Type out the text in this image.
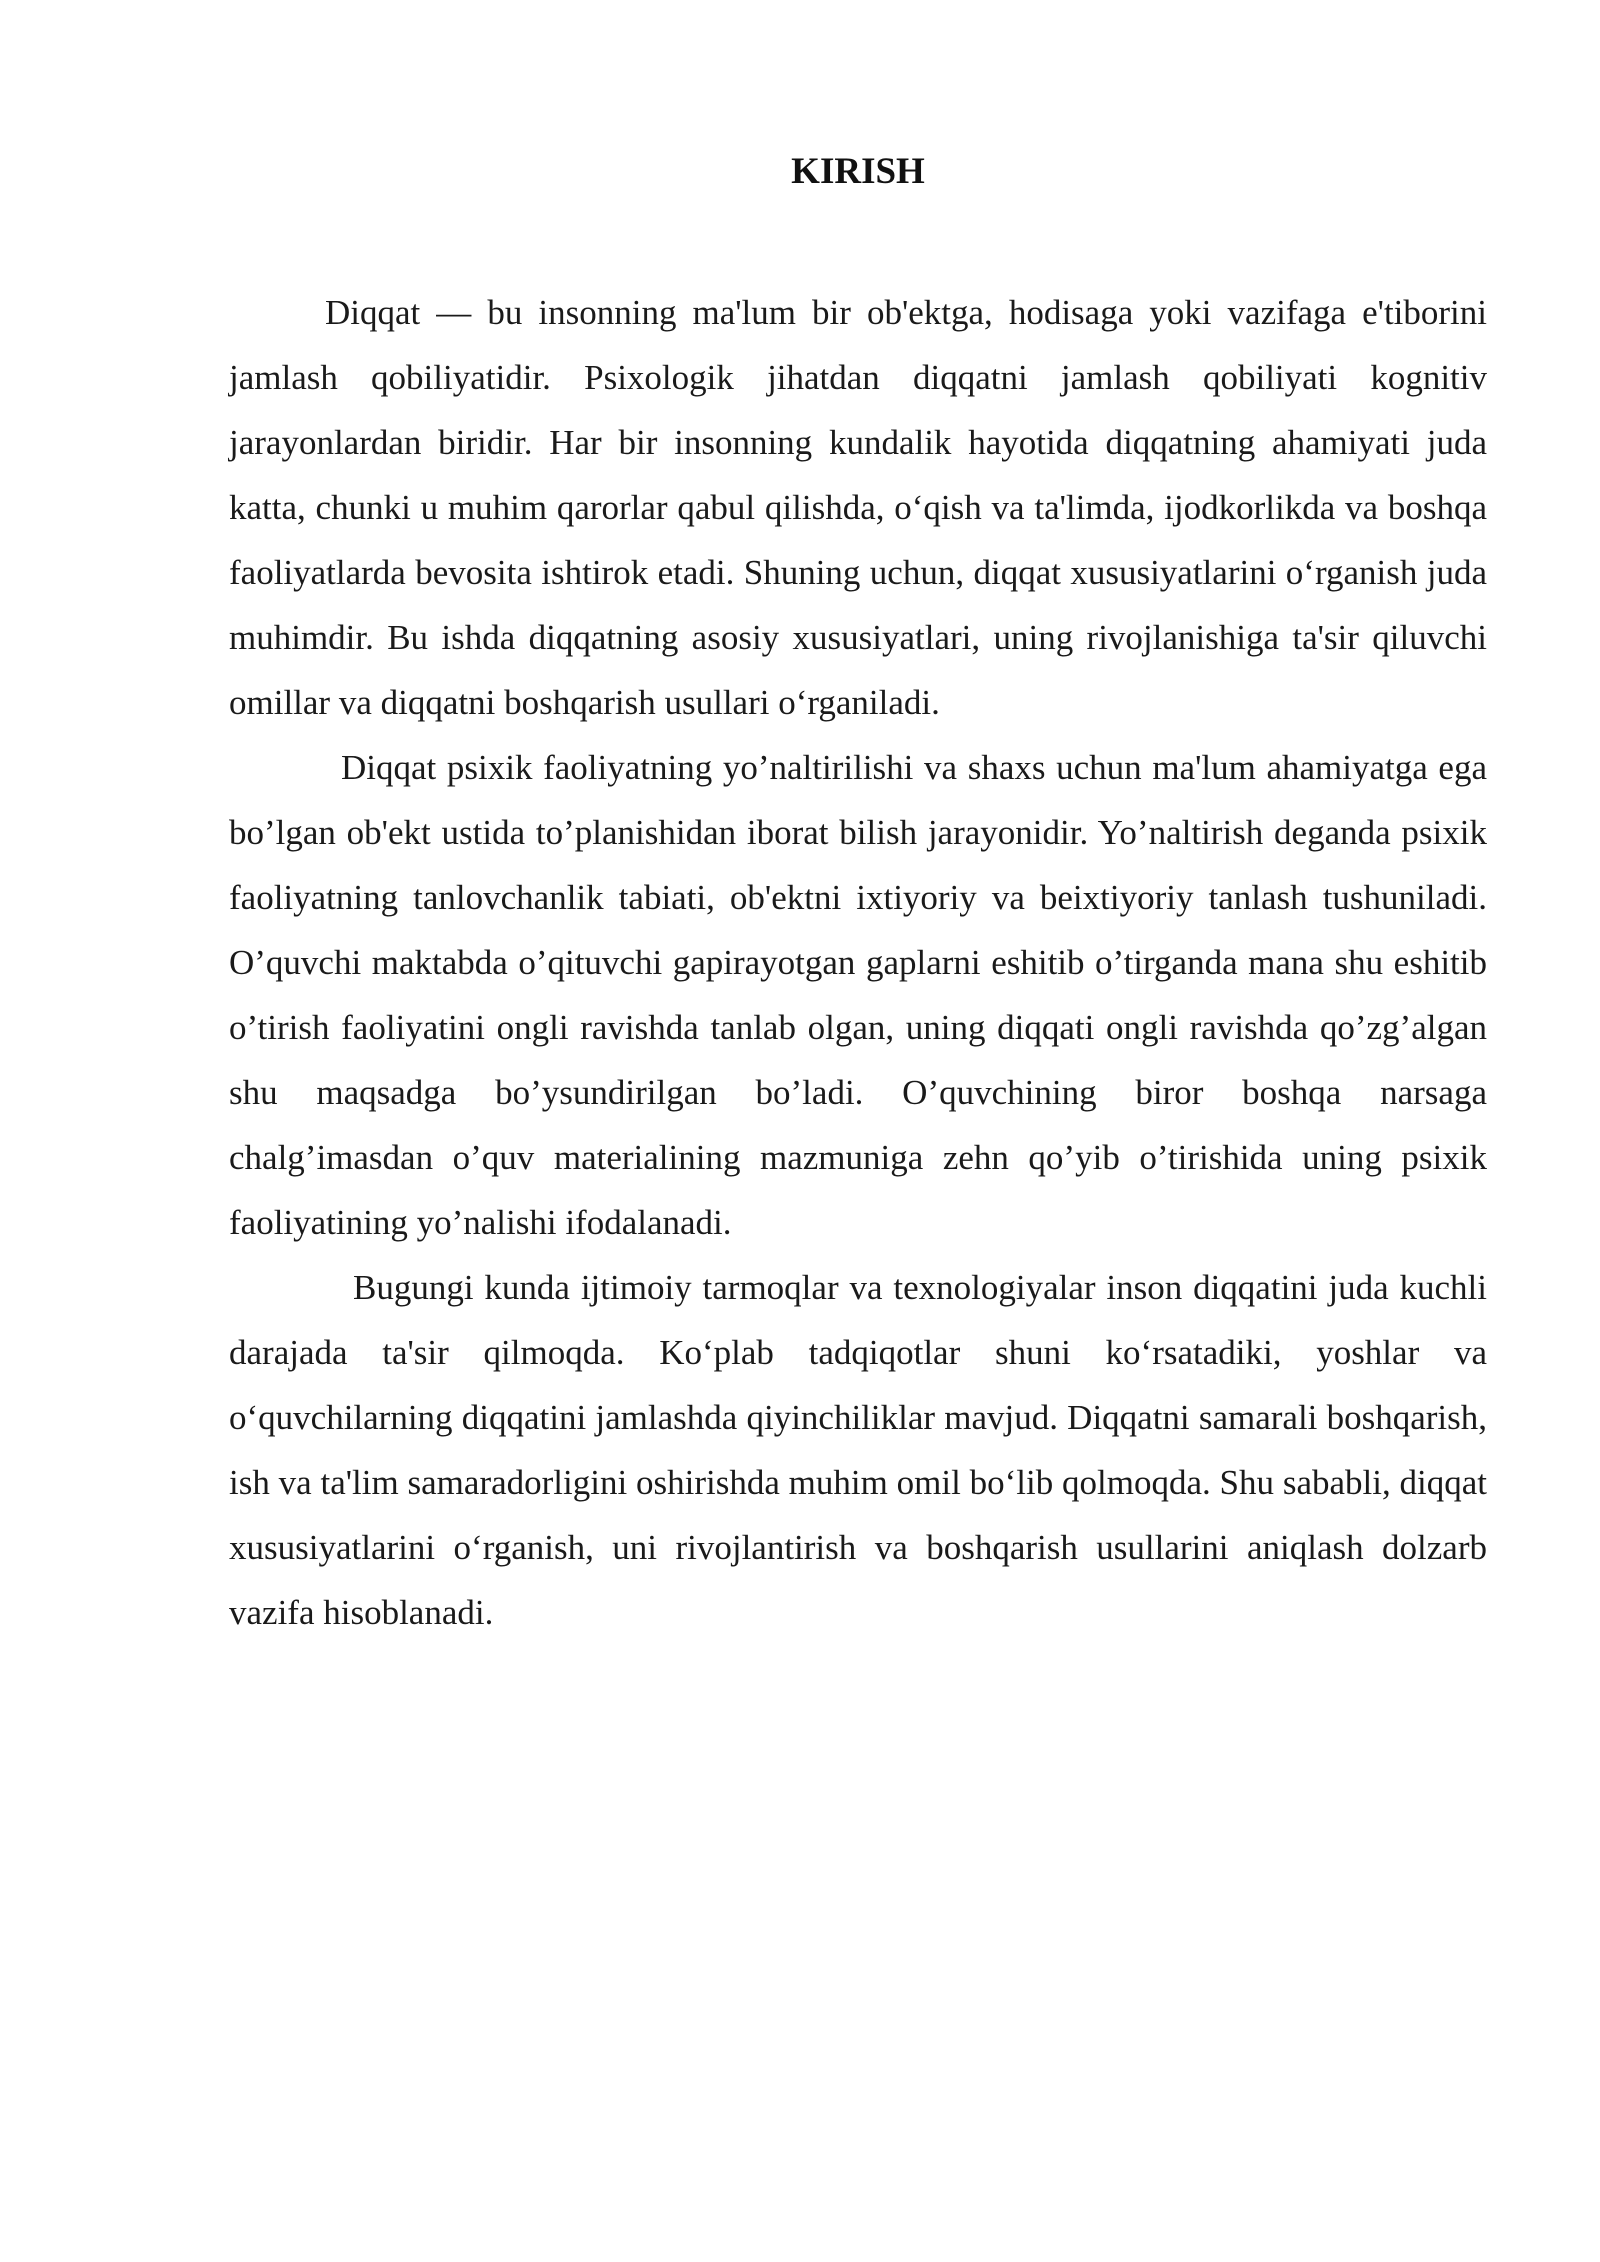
KIRISH

Diqqat — bu insonning ma'lum bir ob'ektga, hodisaga yoki vazifaga e'tiborini jamlash qobiliyatidir. Psixologik jihatdan diqqatni jamlash qobiliyati kognitiv jarayonlardan biridir. Har bir insonning kundalik hayotida diqqatning ahamiyati juda katta, chunki u muhim qarorlar qabul qilishda, o‘qish va ta'limda, ijodkorlikda va boshqa faoliyatlarda bevosita ishtirok etadi. Shuning uchun, diqqat xususiyatlarini o‘rganish juda muhimdir. Bu ishda diqqatning asosiy xususiyatlari, uning rivojlanishiga ta'sir qiluvchi omillar va diqqatni boshqarish usullari o‘rganiladi.

Diqqat psixik faoliyatning yo’naltirilishi va shaxs uchun ma'lum ahamiyatga ega bo’lgan ob'ekt ustida to’planishidan iborat bilish jarayonidir. Yo’naltirish deganda psixik faoliyatning tanlovchanlik tabiati, ob'ektni ixtiyoriy va beixtiyoriy tanlash tushuniladi. O’quvchi maktabda o’qituvchi gapirayotgan gaplarni eshitib o’tirganda mana shu eshitib o’tirish faoliyatini ongli ravishda tanlab olgan, uning diqqati ongli ravishda qo’zg’algan shu maqsadga bo’ysundirilgan bo’ladi. O’quvchining biror boshqa narsaga chalg’imasdan o’quv materialining mazmuniga zehn qo’yib o’tirishida uning psixik faoliyatining yo’nalishi ifodalanadi.

Bugungi kunda ijtimoiy tarmoqlar va texnologiyalar inson diqqatini juda kuchli darajada ta'sir qilmoqda. Ko‘plab tadqiqotlar shuni ko‘rsatadiki, yoshlar va o‘quvchilarning diqqatini jamlashda qiyinchiliklar mavjud. Diqqatni samarali boshqarish, ish va ta'lim samaradorligini oshirishda muhim omil bo‘lib qolmoqda. Shu sababli, diqqat xususiyatlarini o‘rganish, uni rivojlantirish va boshqarish usullarini aniqlash dolzarb vazifa hisoblanadi.
